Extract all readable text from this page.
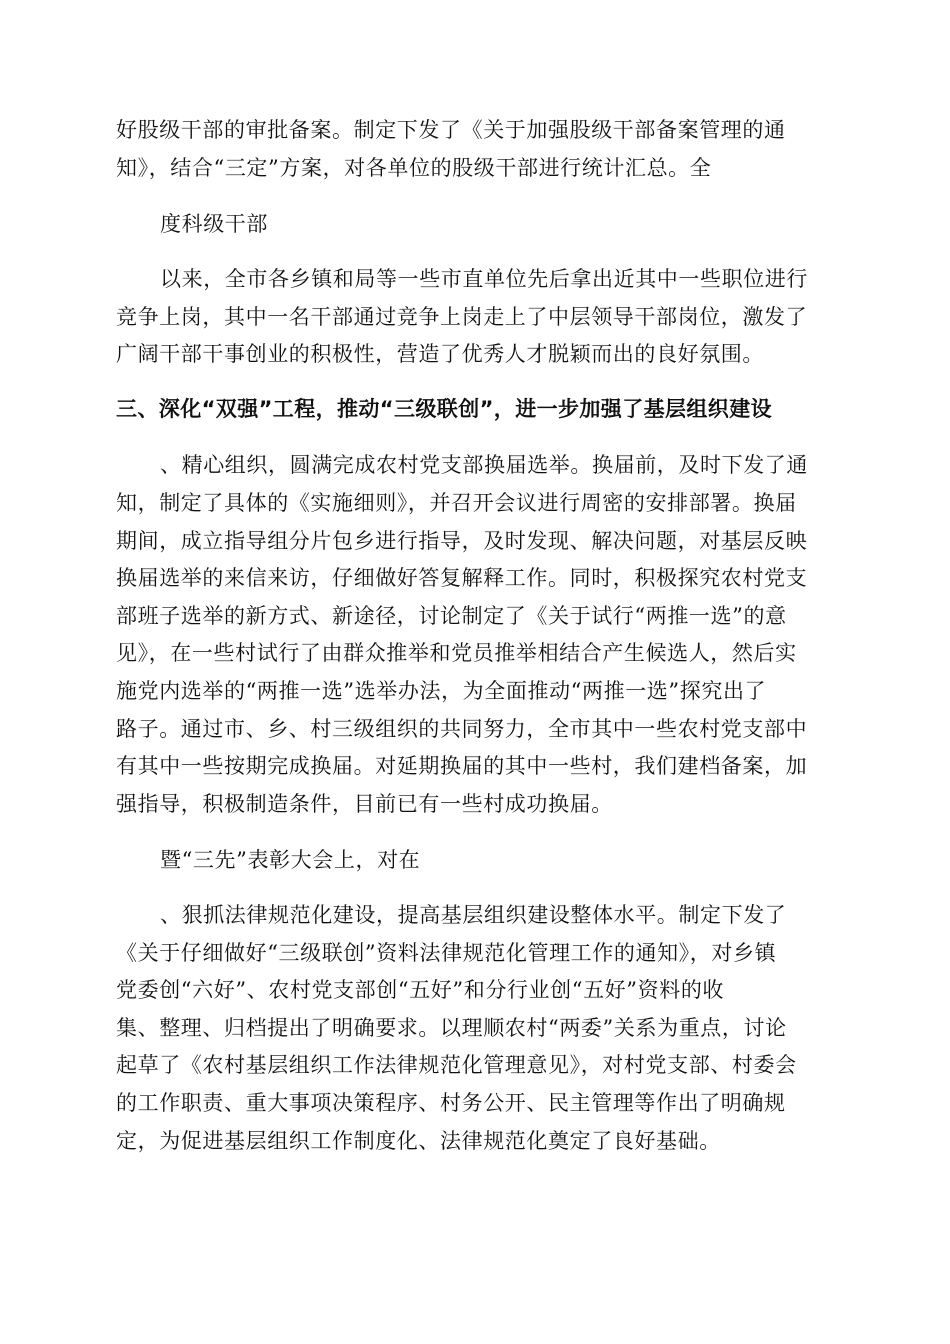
好股级干部的审批备案。制定下发了《关于加强股级干部备案管理的通
知》，结合“三定”方案，对各单位的股级干部进行统计汇总。全
度科级干部
以来，全市各乡镇和局等一些市直单位先后拿出近其中一些职位进行
竞争上岗，其中一名干部通过竞争上岗走上了中层领导干部岗位，激发了
广阔干部干事创业的积极性，营造了优秀人才脱颖而出的良好氛围。
三、深化“双强”工程，推动“三级联创”，进一步加强了基层组织建设
、精心组织，圆满完成农村党支部换届选举。换届前，及时下发了通
知，制定了具体的《实施细则》，并召开会议进行周密的安排部署。换届
期间，成立指导组分片包乡进行指导，及时发现、解决问题，对基层反映
换届选举的来信来访，仔细做好答复解释工作。同时，积极探究农村党支
部班子选举的新方式、新途径，讨论制定了《关于试行“两推一选”的意
见》，在一些村试行了由群众推举和党员推举相结合产生候选人，然后实
施党内选举的“两推一选”选举办法，为全面推动“两推一选”探究出了
路子。通过市、乡、村三级组织的共同努力，全市其中一些农村党支部中
有其中一些按期完成换届。对延期换届的其中一些村，我们建档备案，加
强指导，积极制造条件，目前已有一些村成功换届。
暨“三先”表彰大会上，对在
、狠抓法律规范化建设，提高基层组织建设整体水平。制定下发了
《关于仔细做好“三级联创”资料法律规范化管理工作的通知》，对乡镇
党委创“六好”、农村党支部创“五好”和分行业创“五好”资料的收
集、整理、归档提出了明确要求。以理顺农村“两委”关系为重点，讨论
起草了《农村基层组织工作法律规范化管理意见》，对村党支部、村委会
的工作职责、重大事项决策程序、村务公开、民主管理等作出了明确规
定，为促进基层组织工作制度化、法律规范化奠定了良好基础。
